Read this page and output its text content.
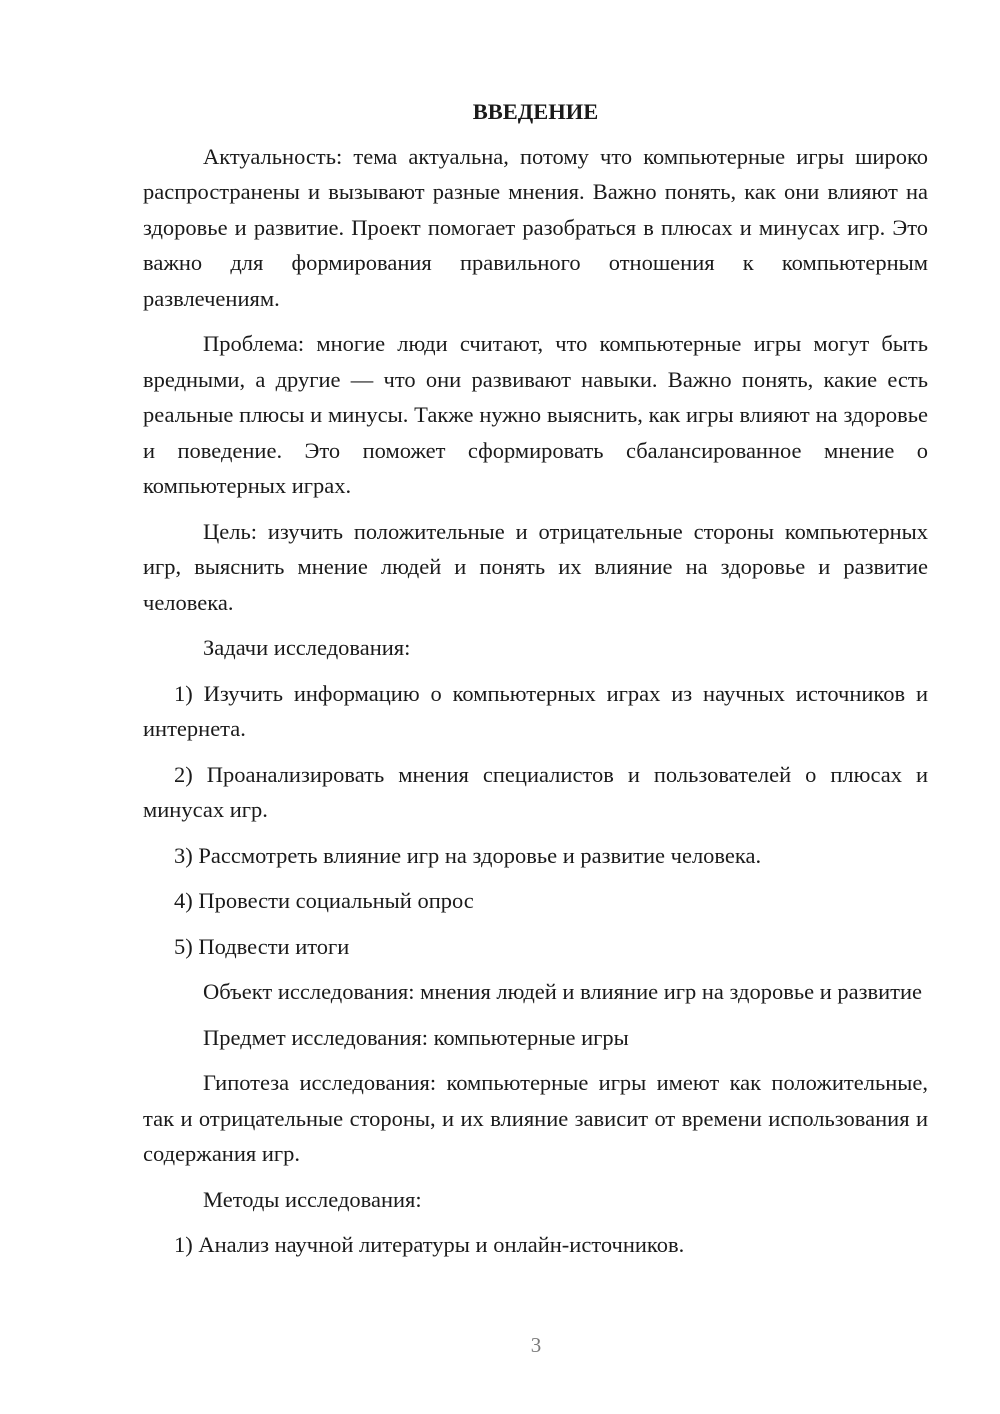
ВВЕДЕНИЕ

Актуальность: тема актуальна, потому что компьютерные игры широко распространены и вызывают разные мнения. Важно понять, как они влияют на здоровье и развитие. Проект помогает разобраться в плюсах и минусах игр. Это важно для формирования правильного отношения к компьютерным развлечениям.

Проблема: многие люди считают, что компьютерные игры могут быть вредными, а другие — что они развивают навыки. Важно понять, какие есть реальные плюсы и минусы. Также нужно выяснить, как игры влияют на здоровье и поведение. Это поможет сформировать сбалансированное мнение о компьютерных играх.

Цель: изучить положительные и отрицательные стороны компьютерных игр, выяснить мнение людей и понять их влияние на здоровье и развитие человека.

Задачи исследования:

1) Изучить информацию о компьютерных играх из научных источников и интернета.

2) Проанализировать мнения специалистов и пользователей о плюсах и минусах игр.

3) Рассмотреть влияние игр на здоровье и развитие человека.

4) Провести социальный опрос

5) Подвести итоги

Объект исследования: мнения людей и влияние игр на здоровье и развитие

Предмет исследования: компьютерные игры

Гипотеза исследования: компьютерные игры имеют как положительные, так и отрицательные стороны, и их влияние зависит от времени использования и содержания игр.

Методы исследования:

1) Анализ научной литературы и онлайн-источников.

3
